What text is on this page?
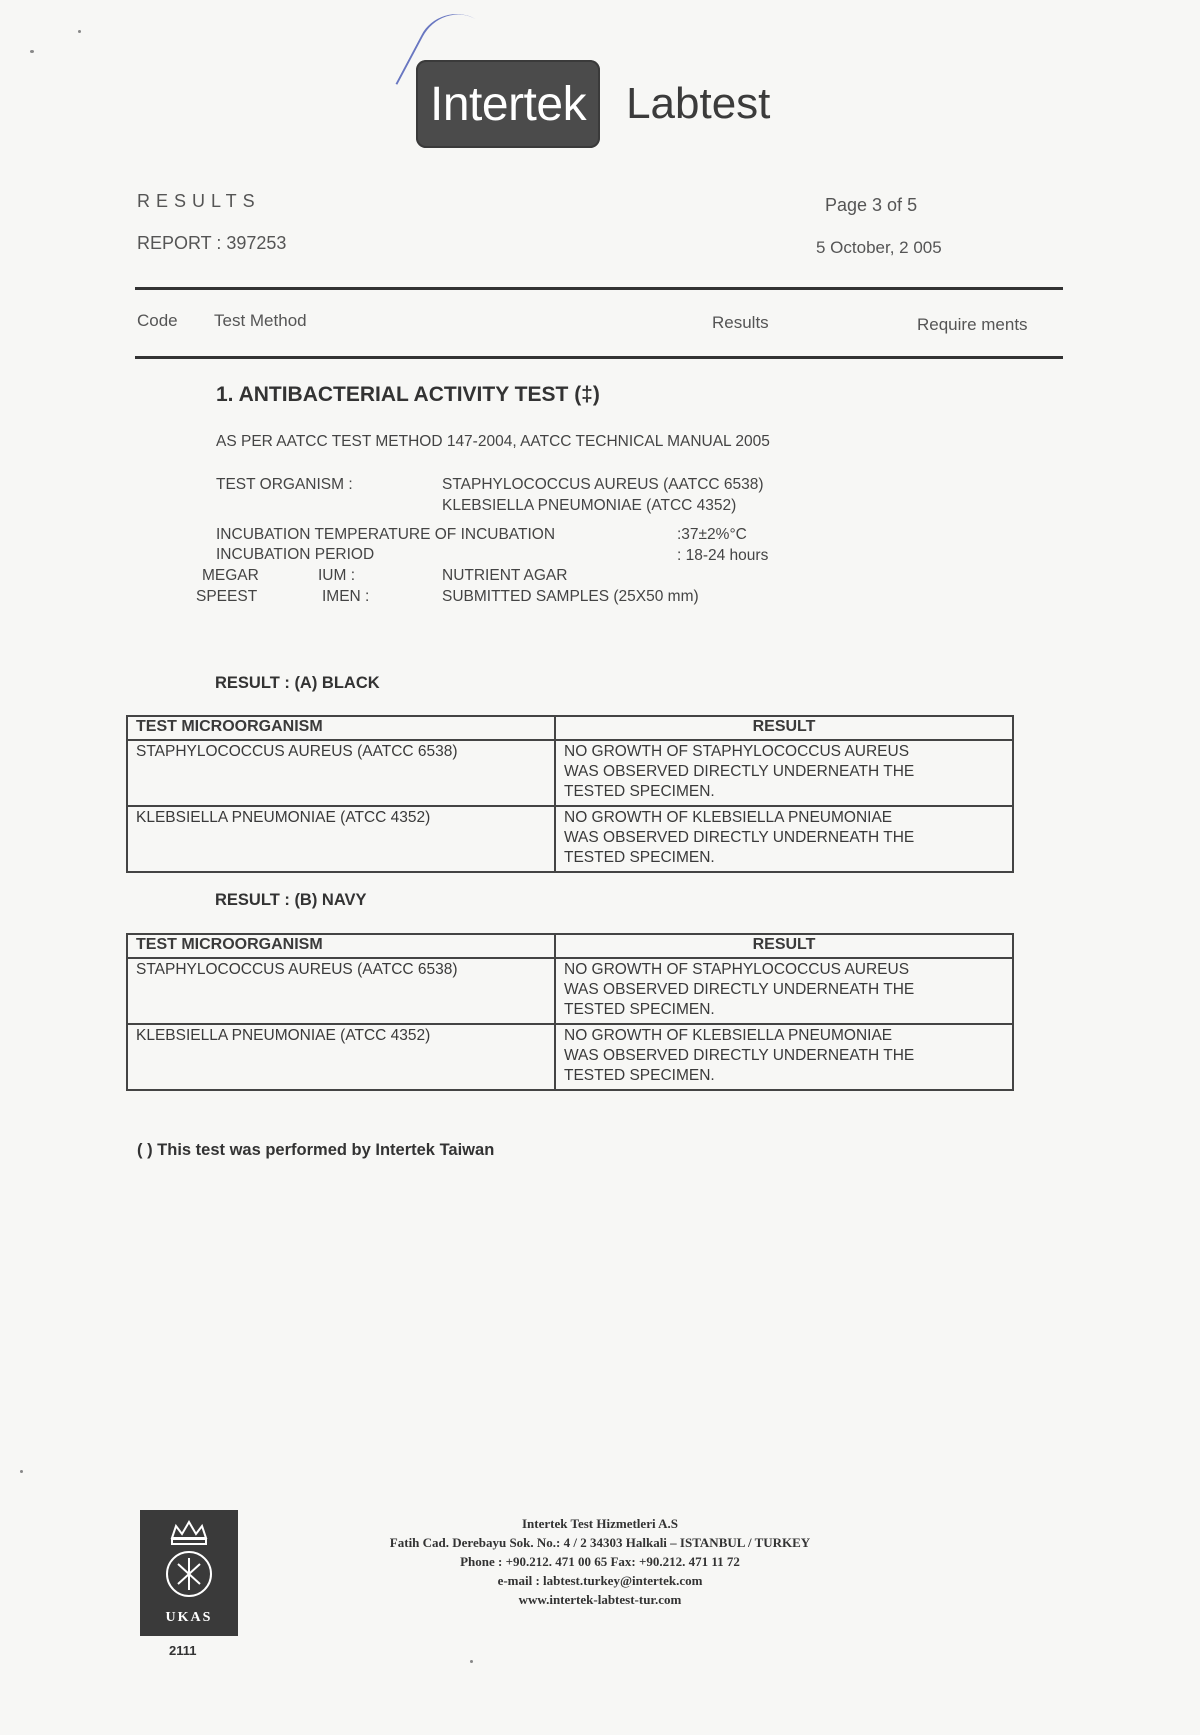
Intertek Labtest
RESULTS
REPORT : 397253
Page 3 of 5
5 October, 2 005
Code Test Method	Results	Require ments
1. ANTIBACTERIAL ACTIVITY TEST (‡)
AS PER AATCC TEST METHOD 147-2004, AATCC TECHNICAL MANUAL 2005
TEST ORGANISM :	STAPHYLOCOCCUS AUREUS (AATCC 6538)
KLEBSIELLA PNEUMONIAE (ATCC 4352)
INCUBATION TEMPERATURE OF INCUBATION	:37±2%°C
INCUBATION PERIOD	: 18-24 hours
MEGAR	IUM :	NUTRIENT AGAR
SPEEST	IMEN :	SUBMITTED SAMPLES (25X50 mm)
RESULT : (A) BLACK
TEST MICROORGANISM	RESULT
STAPHYLOCOCCUS AUREUS (AATCC 6538)	NO GROWTH OF STAPHYLOCOCCUS AUREUS
WAS OBSERVED DIRECTLY UNDERNEATH THE
TESTED SPECIMEN.

KLEBSIELLA PNEUMONIAE (ATCC 4352)	NO GROWTH OF KLEBSIELLA PNEUMONIAE
WAS OBSERVED DIRECTLY UNDERNEATH THE
TESTED SPECIMEN.
RESULT : (B) NAVY
TEST MICROORGANISM	RESULT
STAPHYLOCOCCUS AUREUS (AATCC 6538)	NO GROWTH OF STAPHYLOCOCCUS AUREUS
WAS OBSERVED DIRECTLY UNDERNEATH THE
TESTED SPECIMEN.

KLEBSIELLA PNEUMONIAE (ATCC 4352)	NO GROWTH OF KLEBSIELLA PNEUMONIAE
WAS OBSERVED DIRECTLY UNDERNEATH THE
TESTED SPECIMEN.
( ) This test was performed by Intertek Taiwan
UKAS
2111
Intertek Test Hizmetleri A.S
Fatih Cad. Derebayu Sok. No.: 4 / 2 34303 Halkali – ISTANBUL / TURKEY
Phone : +90.212. 471 00 65 Fax: +90.212. 471 11 72
e-mail : labtest.turkey@intertek.com
www.intertek-labtest-tur.com
